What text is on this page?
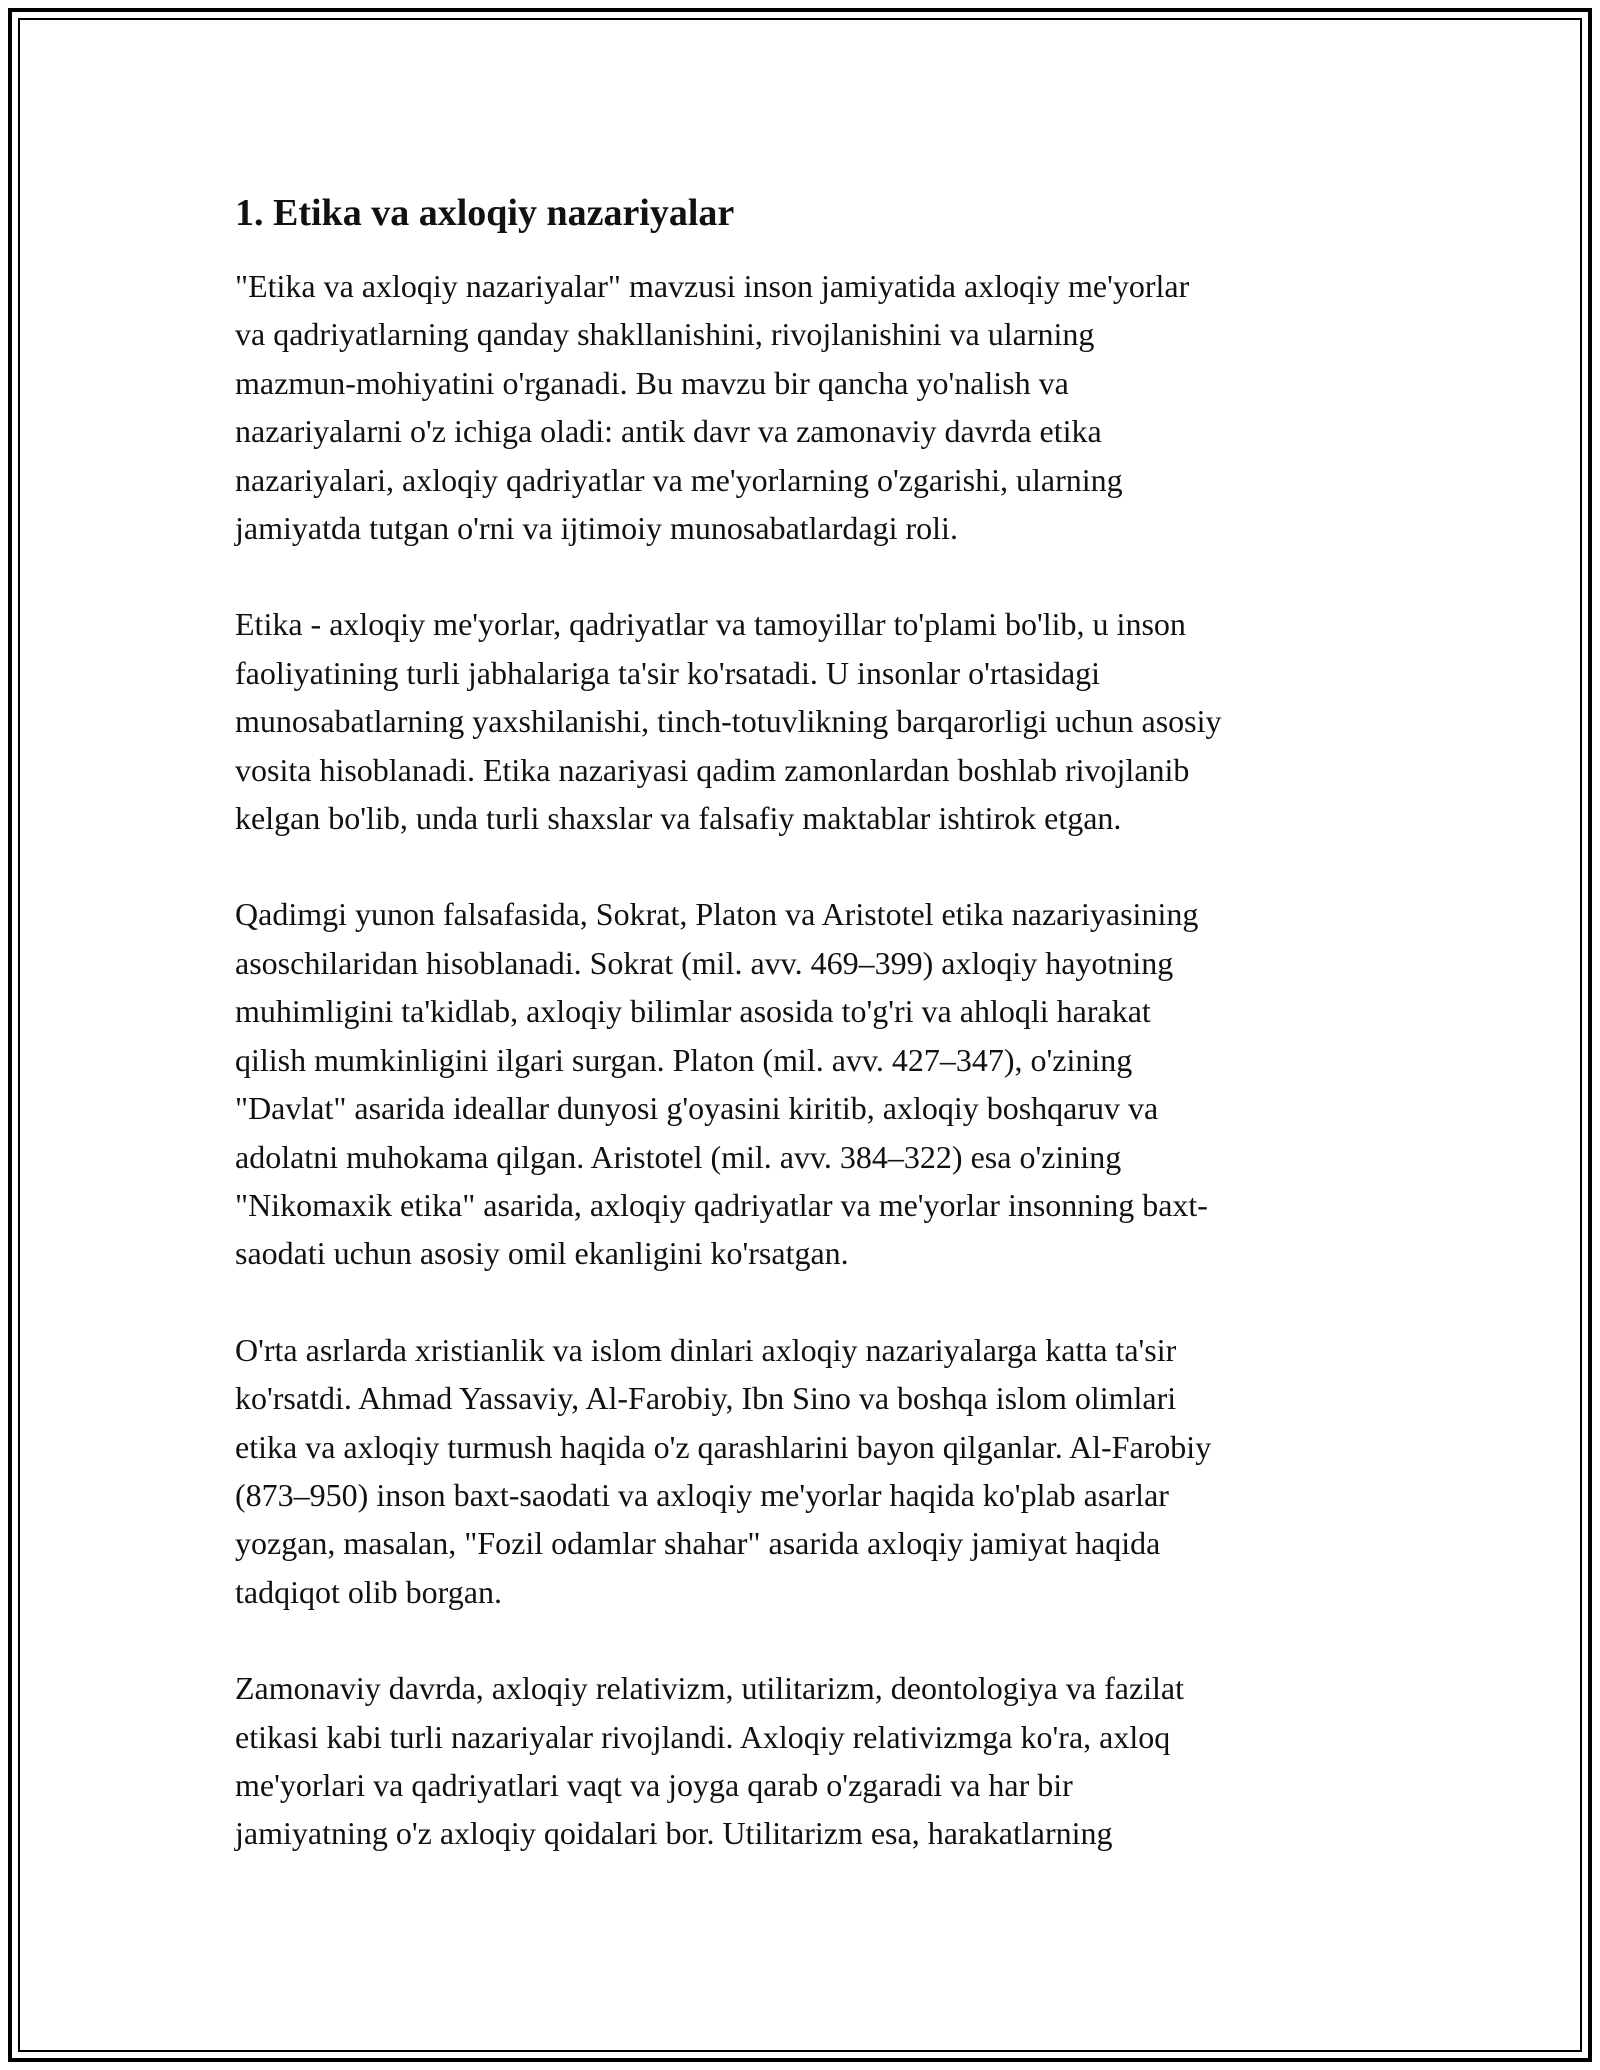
1. Etika va axloqiy nazariyalar

"Etika va axloqiy nazariyalar" mavzusi inson jamiyatida axloqiy me'yorlar
va qadriyatlarning qanday shakllanishini, rivojlanishini va ularning
mazmun-mohiyatini o'rganadi. Bu mavzu bir qancha yo'nalish va
nazariyalarni o'z ichiga oladi: antik davr va zamonaviy davrda etika
nazariyalari, axloqiy qadriyatlar va me'yorlarning o'zgarishi, ularning
jamiyatda tutgan o'rni va ijtimoiy munosabatlardagi roli.

Etika - axloqiy me'yorlar, qadriyatlar va tamoyillar to'plami bo'lib, u inson
faoliyatining turli jabhalariga ta'sir ko'rsatadi. U insonlar o'rtasidagi
munosabatlarning yaxshilanishi, tinch-totuvlikning barqarorligi uchun asosiy
vosita hisoblanadi. Etika nazariyasi qadim zamonlardan boshlab rivojlanib
kelgan bo'lib, unda turli shaxslar va falsafiy maktablar ishtirok etgan.

Qadimgi yunon falsafasida, Sokrat, Platon va Aristotel etika nazariyasining
asoschilaridan hisoblanadi. Sokrat (mil. avv. 469–399) axloqiy hayotning
muhimligini ta'kidlab, axloqiy bilimlar asosida to'g'ri va ahloqli harakat
qilish mumkinligini ilgari surgan. Platon (mil. avv. 427–347), o'zining
"Davlat" asarida ideallar dunyosi g'oyasini kiritib, axloqiy boshqaruv va
adolatni muhokama qilgan. Aristotel (mil. avv. 384–322) esa o'zining
"Nikomaxik etika" asarida, axloqiy qadriyatlar va me'yorlar insonning baxt-
saodati uchun asosiy omil ekanligini ko'rsatgan.

O'rta asrlarda xristianlik va islom dinlari axloqiy nazariyalarga katta ta'sir
ko'rsatdi. Ahmad Yassaviy, Al-Farobiy, Ibn Sino va boshqa islom olimlari
etika va axloqiy turmush haqida o'z qarashlarini bayon qilganlar. Al-Farobiy
(873–950) inson baxt-saodati va axloqiy me'yorlar haqida ko'plab asarlar
yozgan, masalan, "Fozil odamlar shahar" asarida axloqiy jamiyat haqida
tadqiqot olib borgan.

Zamonaviy davrda, axloqiy relativizm, utilitarizm, deontologiya va fazilat
etikasi kabi turli nazariyalar rivojlandi. Axloqiy relativizmga ko'ra, axloq
me'yorlari va qadriyatlari vaqt va joyga qarab o'zgaradi va har bir
jamiyatning o'z axloqiy qoidalari bor. Utilitarizm esa, harakatlarning
